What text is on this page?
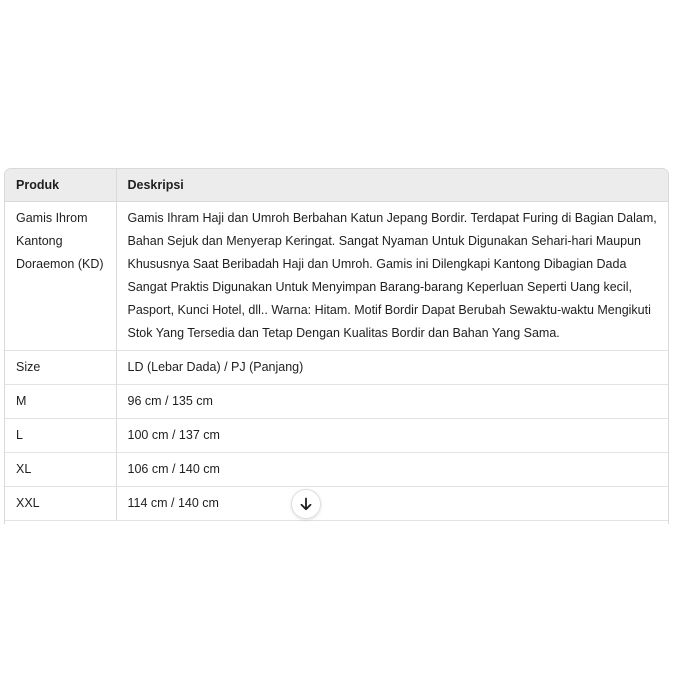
Produk	Deskripsi
Gamis Ihrom Kantong Doraemon (KD)	Gamis Ihram Haji dan Umroh Berbahan Katun Jepang Bordir. Terdapat Furing di Bagian Dalam, Bahan Sejuk dan Menyerap Keringat. Sangat Nyaman Untuk Digunakan Sehari-hari Maupun Khususnya Saat Beribadah Haji dan Umroh. Gamis ini Dilengkapi Kantong Dibagian Dada Sangat Praktis Digunakan Untuk Menyimpan Barang-barang Keperluan Seperti Uang kecil, Pasport, Kunci Hotel, dll.. Warna: Hitam. Motif Bordir Dapat Berubah Sewaktu-waktu Mengikuti Stok Yang Tersedia dan Tetap Dengan Kualitas Bordir dan Bahan Yang Sama.
Size	LD (Lebar Dada) / PJ (Panjang)
M	96 cm / 135 cm
L	100 cm / 137 cm
XL	106 cm / 140 cm
XXL	114 cm / 140 cm
